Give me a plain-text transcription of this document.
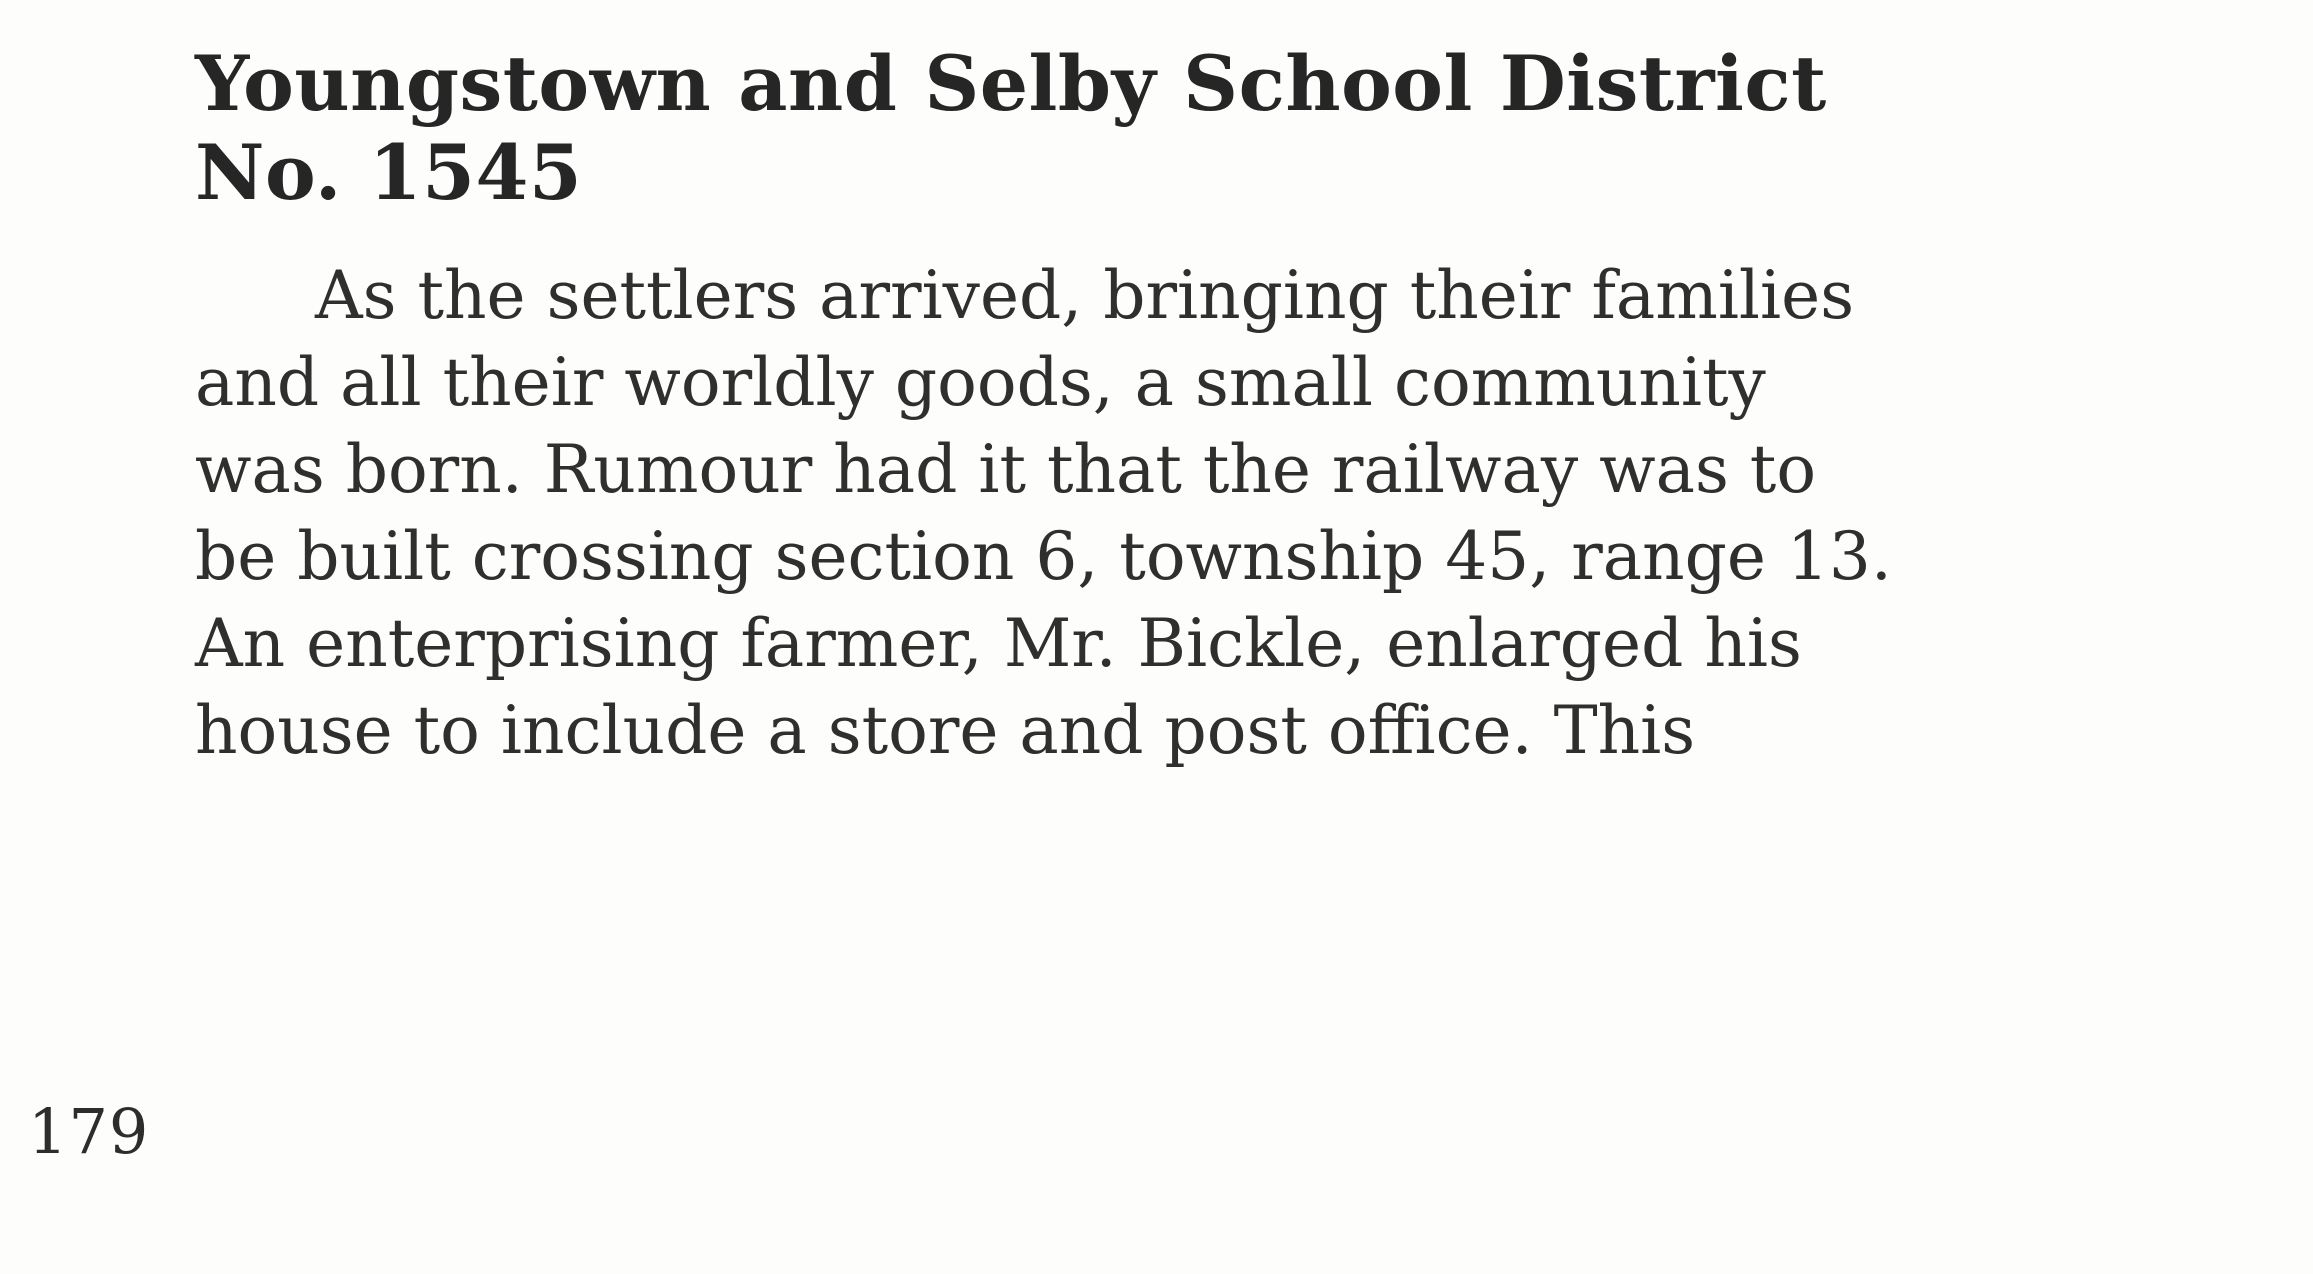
Youngstown and Selby School District
No. 1545
As the settlers arrived, bringing their families
and all their worldly goods, a small community
was born. Rumour had it that the railway was to
be built crossing section 6, township 45, range 13.
An enterprising farmer, Mr. Bickle, enlarged his
house to include a store and post office. This
179
